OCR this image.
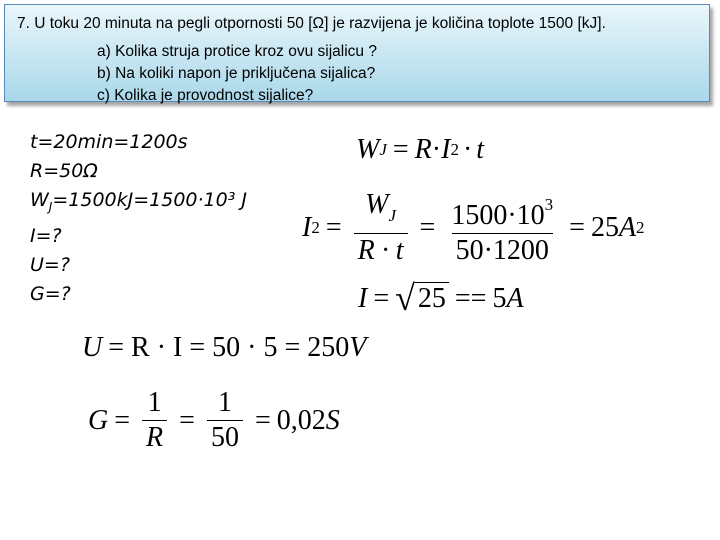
7. U toku 20 minuta na pegli otpornosti 50 [Ω] je razvijena je količina toplote 1500 [kJ].
a) Kolika struja protice kroz ovu sijalicu ?
b) Na koliki napon je priključena sijalica?
c) Kolika je provodnost sijalice?
t=20min=1200s
R=50Ω
$W_J=1500kJ=1500\cdot 10^3$ J
I=?
U=?
G=?
W J = R · I 2 · t
I $2 = \frac{W_J}{R \cdot t} = \frac{1500\cdot 10^3}{50\cdot 1200} = 25$ A 2
I = √ 25 == 5 A
U = R · I = 50 · 5 = 250 V
$G = \frac{1}{R} = \frac{1}{50} = 0,02$ S
